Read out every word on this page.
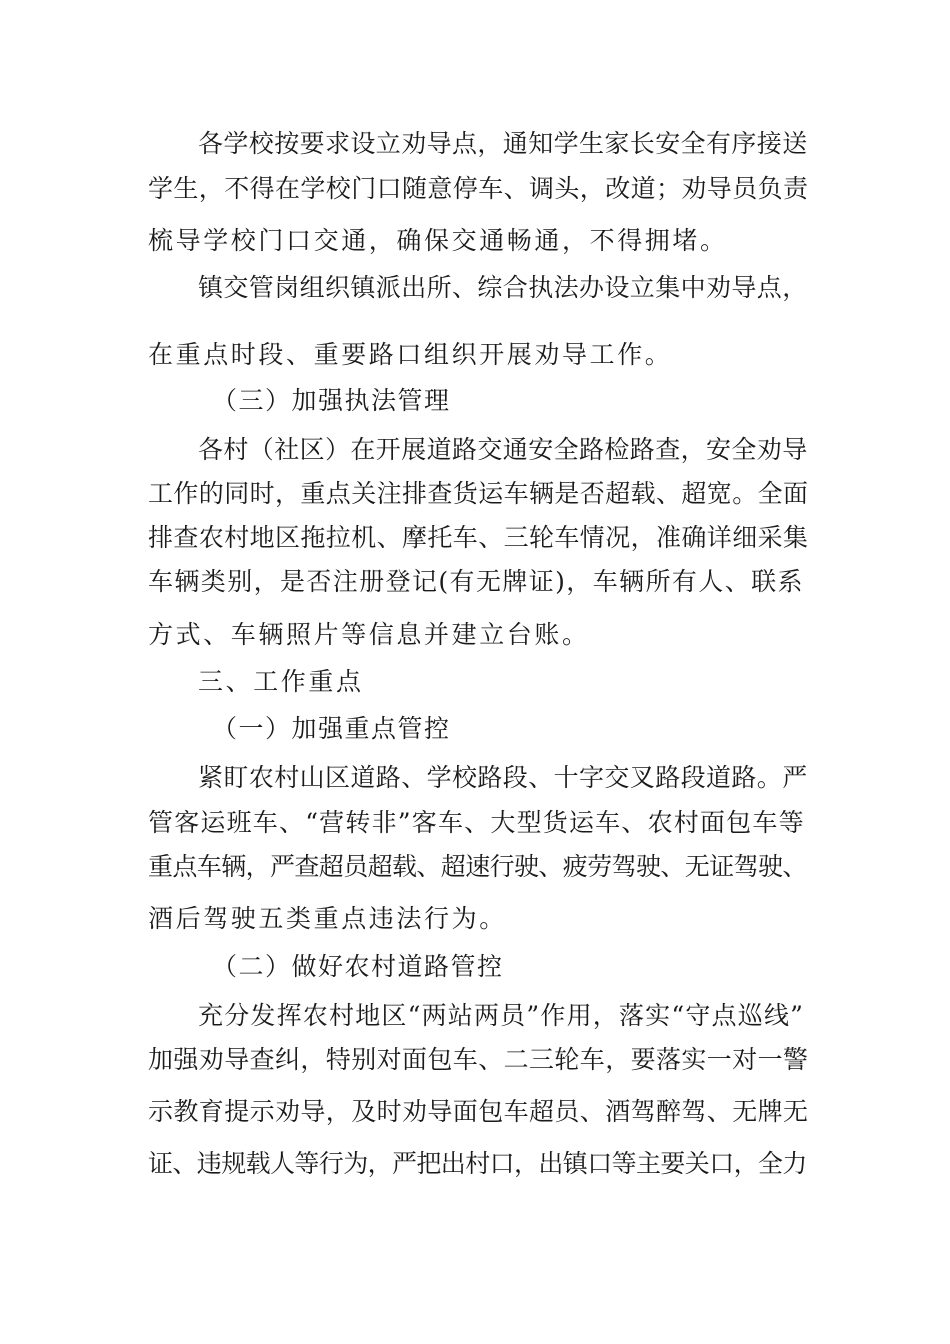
各学校按要求设立劝导点，通知学生家长安全有序接送
学生，不得在学校门口随意停车、调头，改道；劝导员负责
梳导学校门口交通，确保交通畅通，不得拥堵。
镇交管岗组织镇派出所、综合执法办设立集中劝导点，
在重点时段、重要路口组织开展劝导工作。
（三）加强执法管理
各村（社区）在开展道路交通安全路检路查，安全劝导
工作的同时，重点关注排查货运车辆是否超载、超宽。全面
排查农村地区拖拉机、摩托车、三轮车情况，准确详细采集
车辆类别，是否注册登记(有无牌证)，车辆所有人、联系
方式、车辆照片等信息并建立台账。
三、工作重点
（一）加强重点管控
紧盯农村山区道路、学校路段、十字交叉路段道路。严
管客运班车、“营转非”客车、大型货运车、农村面包车等
重点车辆，严查超员超载、超速行驶、疲劳驾驶、无证驾驶、
酒后驾驶五类重点违法行为。
（二）做好农村道路管控
充分发挥农村地区“两站两员”作用，落实“守点巡线”
加强劝导查纠，特别对面包车、二三轮车，要落实一对一警
示教育提示劝导，及时劝导面包车超员、酒驾醉驾、无牌无
证、违规载人等行为，严把出村口，出镇口等主要关口，全力
